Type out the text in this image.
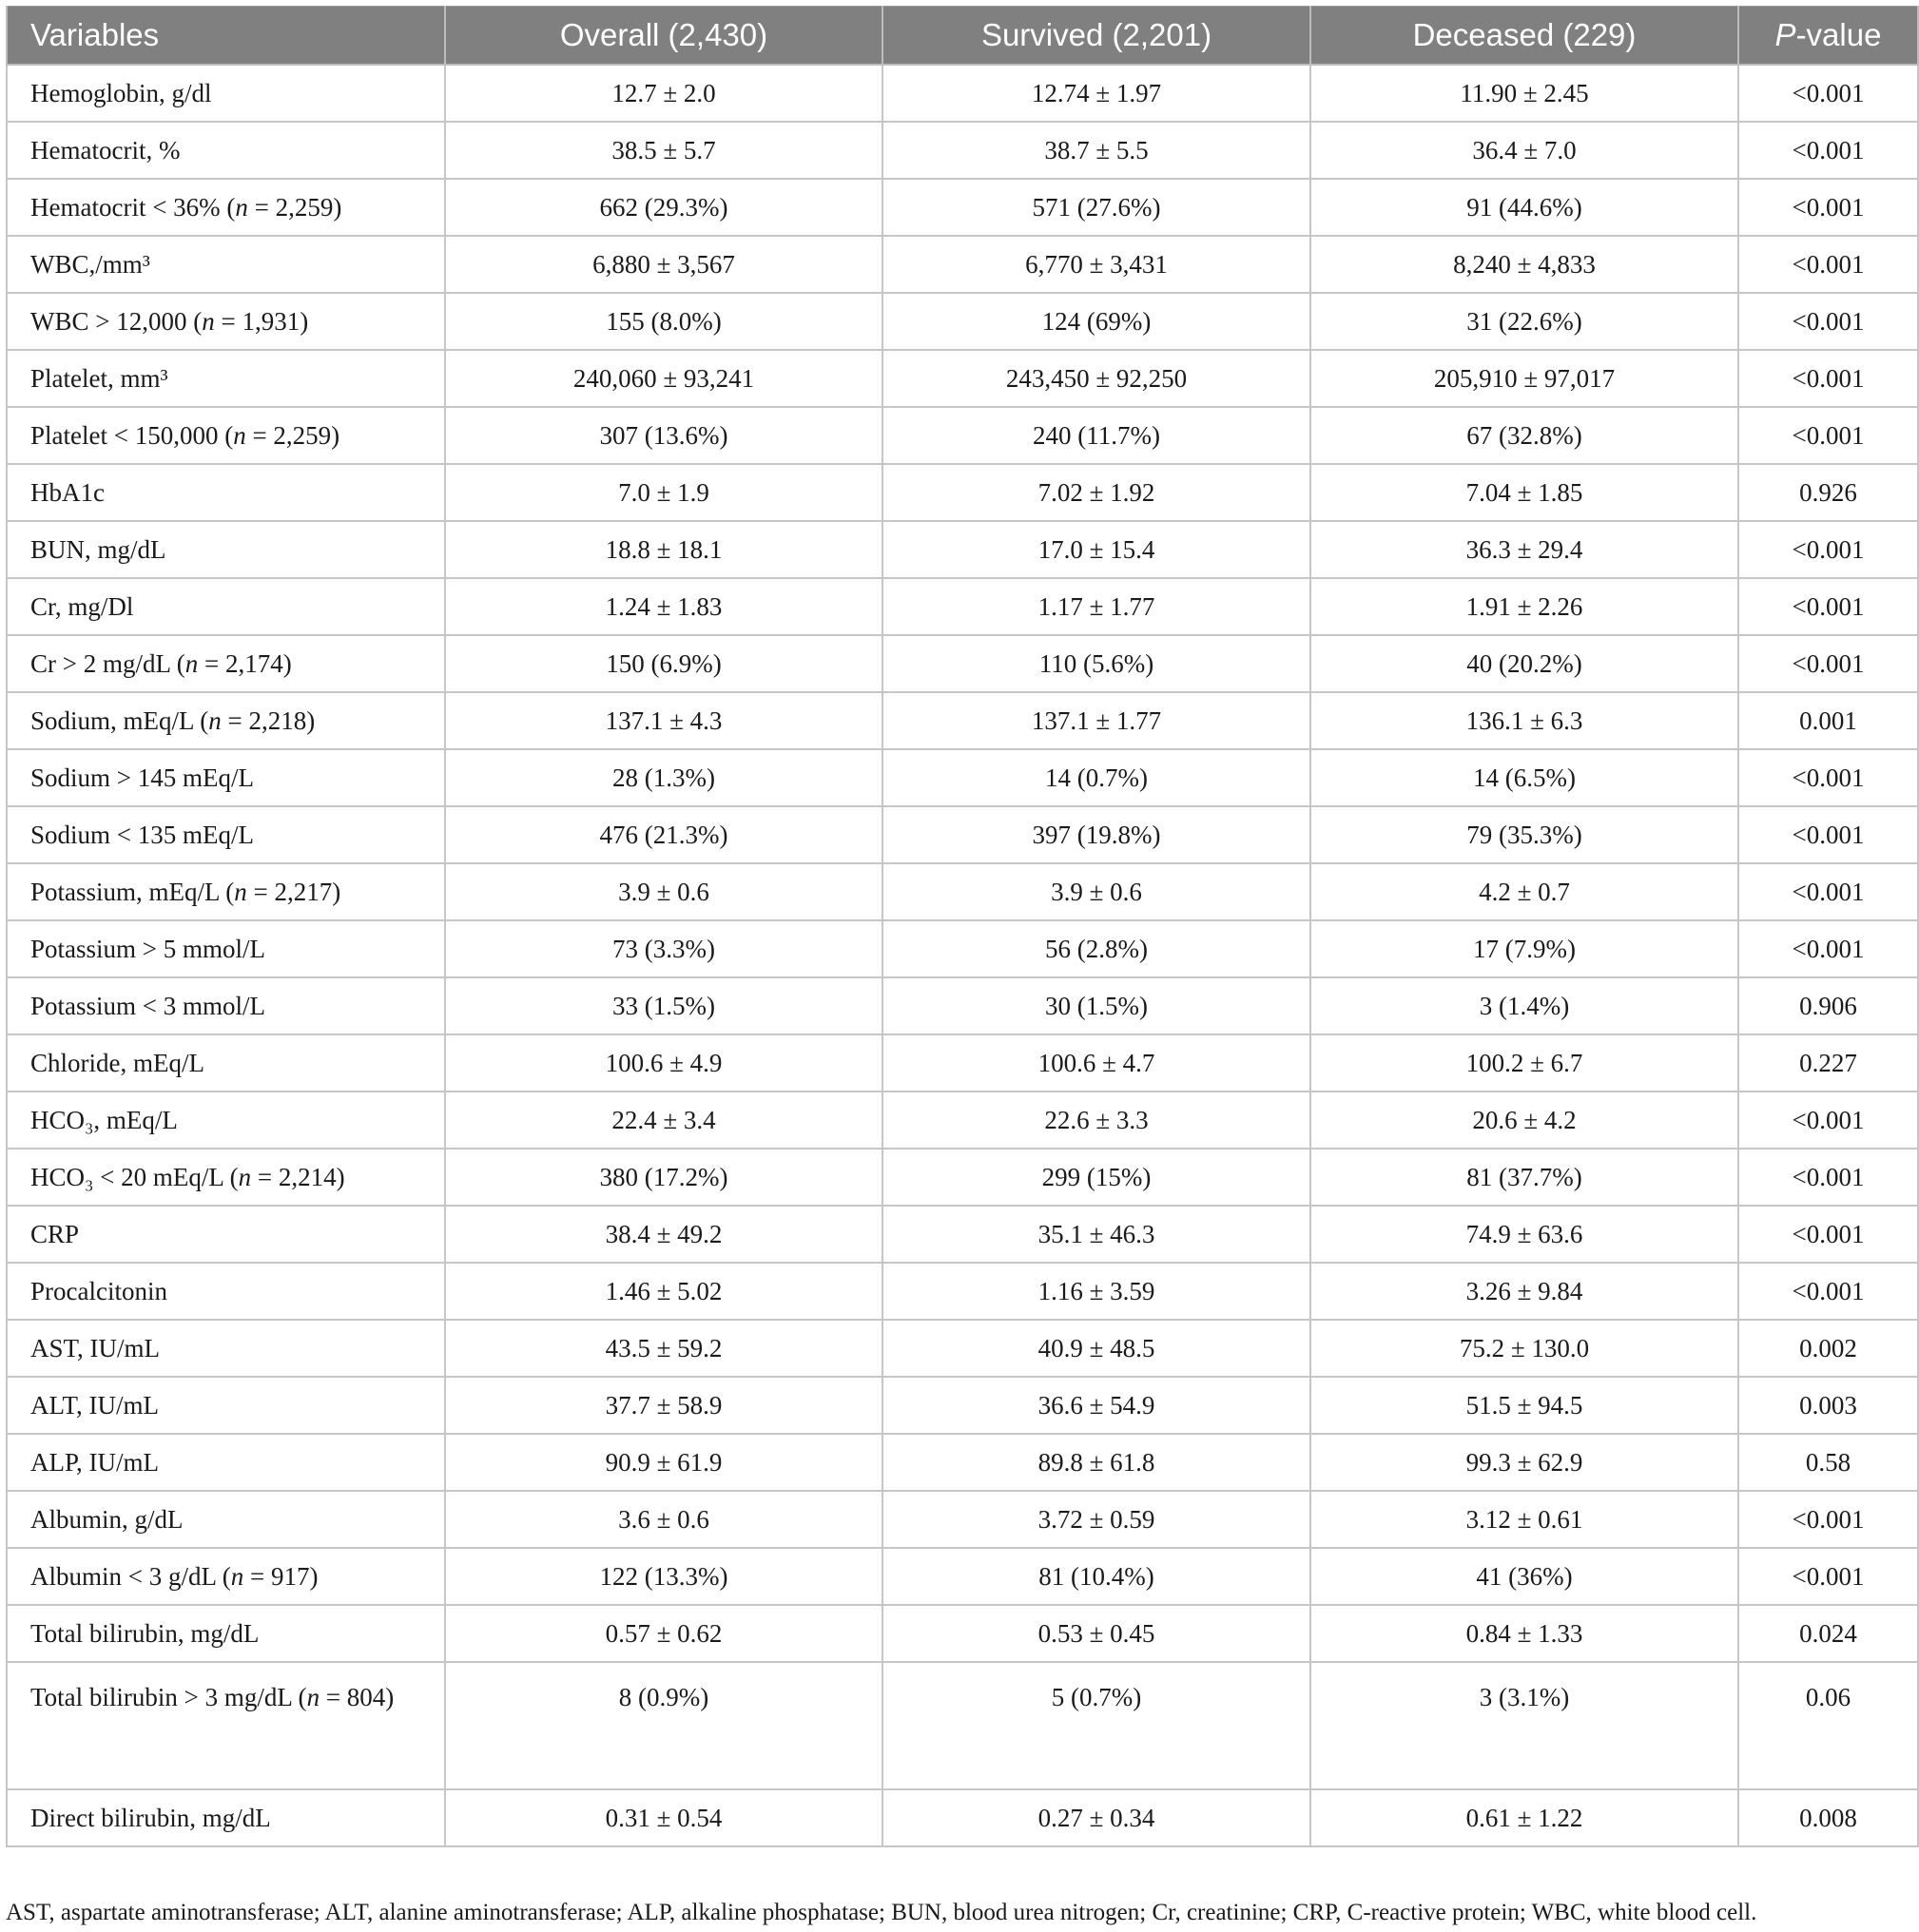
Variables	Overall (2,430)	Survived (2,201)	Deceased (229)	P-value
Hemoglobin, g/dl	12.7 ± 2.0	12.74 ± 1.97	11.90 ± 2.45	<0.001
Hematocrit, %	38.5 ± 5.7	38.7 ± 5.5	36.4 ± 7.0	<0.001
Hematocrit < 36% (n = 2,259)	662 (29.3%)	571 (27.6%)	91 (44.6%)	<0.001
WBC,/mm³	6,880 ± 3,567	6,770 ± 3,431	8,240 ± 4,833	<0.001
WBC > 12,000 (n = 1,931)	155 (8.0%)	124 (69%)	31 (22.6%)	<0.001
Platelet, mm³	240,060 ± 93,241	243,450 ± 92,250	205,910 ± 97,017	<0.001
Platelet < 150,000 (n = 2,259)	307 (13.6%)	240 (11.7%)	67 (32.8%)	<0.001
HbA1c	7.0 ± 1.9	7.02 ± 1.92	7.04 ± 1.85	0.926
BUN, mg/dL	18.8 ± 18.1	17.0 ± 15.4	36.3 ± 29.4	<0.001
Cr, mg/Dl	1.24 ± 1.83	1.17 ± 1.77	1.91 ± 2.26	<0.001
Cr > 2 mg/dL (n = 2,174)	150 (6.9%)	110 (5.6%)	40 (20.2%)	<0.001
Sodium, mEq/L (n = 2,218)	137.1 ± 4.3	137.1 ± 1.77	136.1 ± 6.3	0.001
Sodium > 145 mEq/L	28 (1.3%)	14 (0.7%)	14 (6.5%)	<0.001
Sodium < 135 mEq/L	476 (21.3%)	397 (19.8%)	79 (35.3%)	<0.001
Potassium, mEq/L (n = 2,217)	3.9 ± 0.6	3.9 ± 0.6	4.2 ± 0.7	<0.001
Potassium > 5 mmol/L	73 (3.3%)	56 (2.8%)	17 (7.9%)	<0.001
Potassium < 3 mmol/L	33 (1.5%)	30 (1.5%)	3 (1.4%)	0.906
Chloride, mEq/L	100.6 ± 4.9	100.6 ± 4.7	100.2 ± 6.7	0.227
HCO₃, mEq/L	22.4 ± 3.4	22.6 ± 3.3	20.6 ± 4.2	<0.001
HCO₃ < 20 mEq/L (n = 2,214)	380 (17.2%)	299 (15%)	81 (37.7%)	<0.001
CRP	38.4 ± 49.2	35.1 ± 46.3	74.9 ± 63.6	<0.001
Procalcitonin	1.46 ± 5.02	1.16 ± 3.59	3.26 ± 9.84	<0.001
AST, IU/mL	43.5 ± 59.2	40.9 ± 48.5	75.2 ± 130.0	0.002
ALT, IU/mL	37.7 ± 58.9	36.6 ± 54.9	51.5 ± 94.5	0.003
ALP, IU/mL	90.9 ± 61.9	89.8 ± 61.8	99.3 ± 62.9	0.58
Albumin, g/dL	3.6 ± 0.6	3.72 ± 0.59	3.12 ± 0.61	<0.001
Albumin < 3 g/dL (n = 917)	122 (13.3%)	81 (10.4%)	41 (36%)	<0.001
Total bilirubin, mg/dL	0.57 ± 0.62	0.53 ± 0.45	0.84 ± 1.33	0.024
Total bilirubin > 3 mg/dL (n = 804)	8 (0.9%)	5 (0.7%)	3 (3.1%)	0.06
Direct bilirubin, mg/dL	0.31 ± 0.54	0.27 ± 0.34	0.61 ± 1.22	0.008
AST, aspartate aminotransferase; ALT, alanine aminotransferase; ALP, alkaline phosphatase; BUN, blood urea nitrogen; Cr, creatinine; CRP, C-reactive protein; WBC, white blood cell.
